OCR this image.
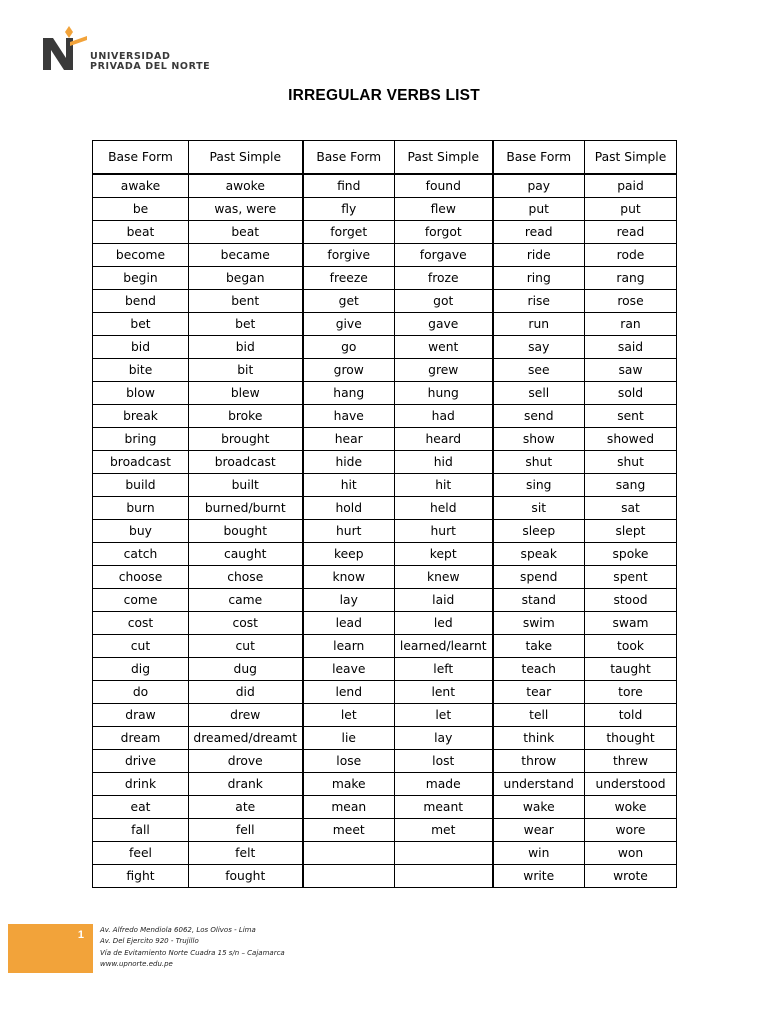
UNIVERSIDAD
PRIVADA DEL NORTE
IRREGULAR VERBS LIST
Base Form	Past Simple	Base Form	Past Simple	Base Form	Past Simple
awake	awoke	find	found	pay	paid
be	was, were	fly	flew	put	put
beat	beat	forget	forgot	read	read
become	became	forgive	forgave	ride	rode
begin	began	freeze	froze	ring	rang
bend	bent	get	got	rise	rose
bet	bet	give	gave	run	ran
bid	bid	go	went	say	said
bite	bit	grow	grew	see	saw
blow	blew	hang	hung	sell	sold
break	broke	have	had	send	sent
bring	brought	hear	heard	show	showed
broadcast	broadcast	hide	hid	shut	shut
build	built	hit	hit	sing	sang
burn	burned/burnt	hold	held	sit	sat
buy	bought	hurt	hurt	sleep	slept
catch	caught	keep	kept	speak	spoke
choose	chose	know	knew	spend	spent
come	came	lay	laid	stand	stood
cost	cost	lead	led	swim	swam
cut	cut	learn	learned/learnt	take	took
dig	dug	leave	left	teach	taught
do	did	lend	lent	tear	tore
draw	drew	let	let	tell	told
dream	dreamed/dreamt	lie	lay	think	thought
drive	drove	lose	lost	throw	threw
drink	drank	make	made	understand	understood
eat	ate	mean	meant	wake	woke
fall	fell	meet	met	wear	wore
feel	felt			win	won
fight	fought			write	wrote
1 Av. Alfredo Mendiola 6062, Los Olivos - Lima
Av. Del Ejercito 920 - Trujillo
Vía de Evitamiento Norte Cuadra 15 s/n – Cajamarca
www.upnorte.edu.pe
